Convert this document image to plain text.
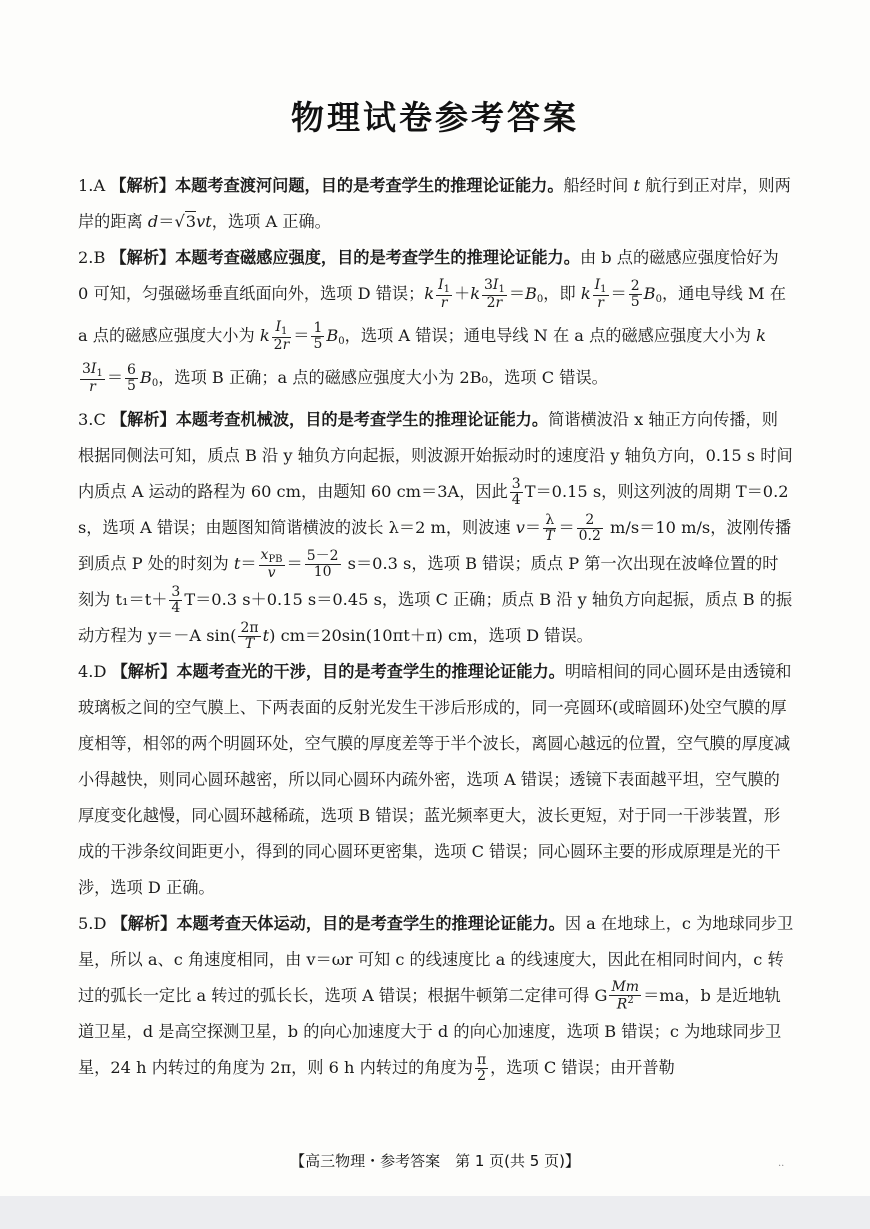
物理试卷参考答案

1.A 【解析】本题考查渡河问题，目的是考查学生的推理论证能力。船经时间 t 航行到正对岸，则两岸的距离 d＝√3vt，选项 A 正确。

2.B 【解析】本题考查磁感应强度，目的是考查学生的推理论证能力。由 b 点的磁感应强度恰好为 0 可知，匀强磁场垂直纸面向外，选项 D 错误；k $\frac{I_1}{r} +k \frac{3I_1}{2r} =B_0$，即 k $\frac{I_1}{r} = \frac{2}{5} B_0$，通电导线 M 在 a 点的磁感应强度大小为 k $\frac{I_1}{2r} = \frac{1}{5} B_0$，选项 A 错误；通电导线 N 在 a 点的磁感应强度大小为 k
$\frac{3I_1}{r} = \frac{6}{5} B_0$，选项 B 正确；a 点的磁感应强度大小为 2B₀，选项 C 错误。

3.C 【解析】本题考查机械波，目的是考查学生的推理论证能力。简谐横波沿 x 轴正方向传播，则根据同侧法可知，质点 B 沿 y 轴负方向起振，则波源开始振动时的速度沿 y 轴负方向，0.15 s 时间内质点 A 运动的路程为 60 cm，由题知 60 cm＝3A，因此 $\frac{3}{4} T=0.15$ s，则这列波的周期 T＝0.2 s，选项 A 错误；由题图知简谐横波的波长 λ＝2 m，则波速 $v= \frac{\lambda}{T} = \frac{2}{0.2} m/s=10$ m/s，波刚传播到质点 P 处的时刻为 $t= \frac{x_{PB}}{v} = \frac{5-2}{10} s=0.3$ s，选项 B 错误；质点 P 第一次出现在波峰位置的时刻为 $t_1=t+ \frac{3}{4} T=0.3$ s＋0.15 s＝0.45 s，选项 C 正确；质点 B 沿 y 轴负方向起振，质点 B 的振动方程为 y＝－A $\sin( \frac{2\pi}{T} t)$ cm＝20sin(10πt＋π) cm，选项 D 错误。

4.D 【解析】本题考查光的干涉，目的是考查学生的推理论证能力。明暗相间的同心圆环是由透镜和玻璃板之间的空气膜上、下两表面的反射光发生干涉后形成的，同一亮圆环(或暗圆环)处空气膜的厚度相等，相邻的两个明圆环处，空气膜的厚度差等于半个波长，离圆心越远的位置，空气膜的厚度减小得越快，则同心圆环越密，所以同心圆环内疏外密，选项 A 错误；透镜下表面越平坦，空气膜的厚度变化越慢，同心圆环越稀疏，选项 B 错误；蓝光频率更大，波长更短，对于同一干涉装置，形成的干涉条纹间距更小，得到的同心圆环更密集，选项 C 错误；同心圆环主要的形成原理是光的干涉，选项 D 正确。

5.D 【解析】本题考查天体运动，目的是考查学生的推理论证能力。因 a 在地球上，c 为地球同步卫星，所以 a、c 角速度相同，由 v＝ωr 可知 c 的线速度比 a 的线速度大，因此在相同时间内，c 转过的弧长一定比 a 转过的弧长长，选项 A 错误；根据牛顿第二定律可得 G $\frac{Mm}{R^2} =ma$，b 是近地轨道卫星，d 是高空探测卫星，b 的向心加速度大于 d 的向心加速度，选项 B 错误；c 为地球同步卫星，24 h 内转过的角度为 2π，则 6 h 内转过的角度为 $\frac{\pi}{2}$ ，选项 C 错误；由开普勒

【高三物理・参考答案　第 1 页(共 5 页)】	..
